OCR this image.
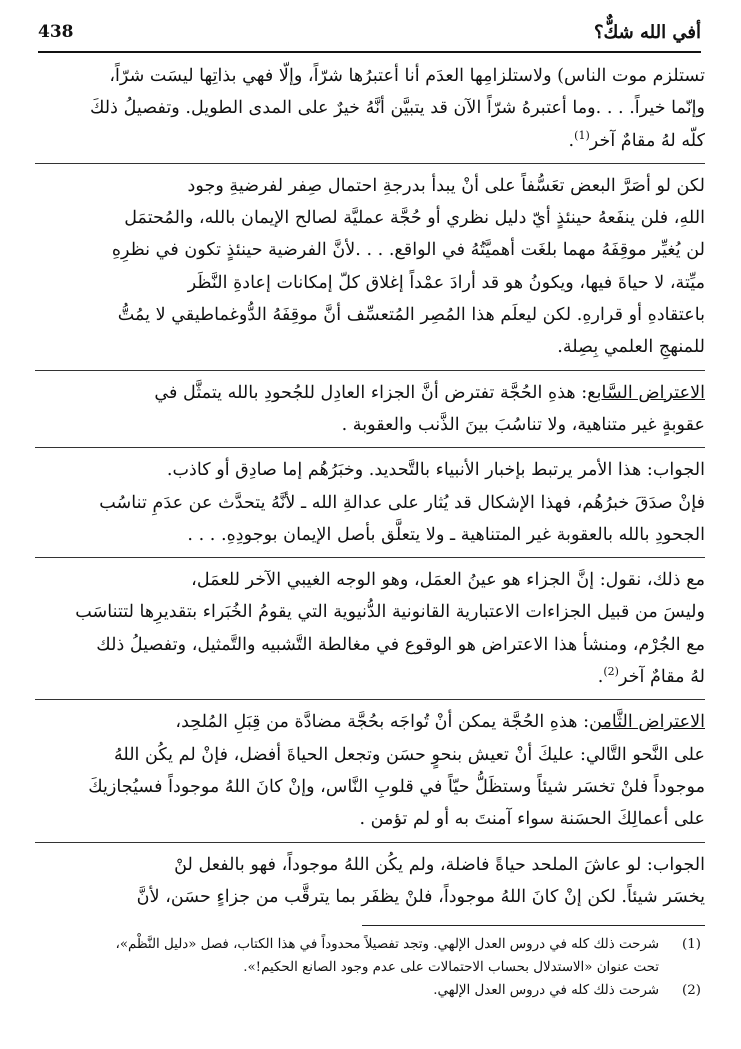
أفي الله شكٌّ؟
438

تستلزم موت الناس) ولاستلزامِها العدَم أنا أعتبرُها شرّاً، وإلّا فهي بذاتِها ليسَت شرّاً،

وإنّما خيراً. . . .وما أعتبرهُ شرّاً الآن قد يتبيَّن أنَّهُ خيرٌ على المدى الطويل. وتفصيلُ ذلكَ

كلّه لهُ مقامٌ آخر$^{(1)}$.

لكن لو أصَرَّ البعض تعَسُّفاً على أنْ يبدأ بدرجةِ احتمال صِفر لفرضيةِ وجود

اللهِ، فلن ينفَعهُ حينئذٍ أيّ دليل نظري أو حُجَّة عمليَّة لصالح الإيمان بالله، والمُحتمَل

لن يُغيِّر موقِفَهُ مهما بلغَت أهميَّتُهُ في الواقع. . . .لأنَّ الفرضية حينئذٍ تكون في نظرِهِ

ميِّتة، لا حياةَ فيها، ويكونُ هو قد أرادَ عمْداً إغلاق كلّ إمكانات إعادةِ النَّظَر

باعتقادهِ أو قرارهِ. لكن ليعلَم هذا المُصِر المُتعسِّف أنَّ موقِفَهُ الدُّوغماطيقي لا يمُتُّ

للمنهجِ العلمي بِصِلة.

الاعتراض السَّابع: هذهِ الحُجَّة تفترض أنَّ الجزاء العادِل للجُحودِ بالله يتمثَّل في

عقوبةٍ غير متناهية، ولا تناسُبَ بينَ الذَّنب والعقوبة .

الجواب: هذا الأمر يرتبط بإخبار الأنبياء بالتَّحديد. وخبَرُهُم إما صادِق أو كاذب.

فإنْ صدَقَ خبرُهُم، فهذا الإشكال قد يُثار على عدالةِ الله ـ لأنَّهُ يتحدَّث عن عدَمِ تناسُب

الجحودِ بالله بالعقوبة غير المتناهية ـ ولا يتعلَّق بأصل الإيمان بوجودِهِ. . . .

مع ذلك، نقول: إنَّ الجزاء هو عينُ العمَل، وهو الوجه الغيبي الآخر للعمَل،

وليسَ من قبيل الجزاءات الاعتبارية القانونية الدُّنيوية التي يقومُ الخُبَراء بتقديرِها لتتناسَب

مع الجُرْم، ومنشأ هذا الاعتراض هو الوقوع في مغالطة التَّشبيه والتَّمثيل، وتفصيلُ ذلك

لهُ مقامٌ آخر$^{(2)}$.

الاعتراض الثَّامن: هذهِ الحُجَّة يمكن أنْ تُواجَه بحُجَّة مضادَّة من قِبَلِ المُلحِد،

على النَّحو التَّالي: عليكَ أنْ تعيش بنحوٍ حسَن وتجعل الحياةَ أفضل، فإنْ لم يكُن اللهُ

موجوداً فلنْ تخسَر شيئاً وستظَلُّ حيّاً في قلوبِ النَّاس، وإنْ كانَ اللهُ موجوداً فسيُجازيكَ

على أعمالِكَ الحسَنة سواء آمنتَ به أو لم تؤمن .

الجواب: لو عاشَ الملحد حياةً فاضلة، ولم يكُن اللهُ موجوداً، فهو بالفعل لنْ

يخسَر شيئاً. لكن إنْ كانَ اللهُ موجوداً، فلنْ يظفَر بما يترقَّب من جزاءٍ حسَن، لأنَّ

(1)
شرحت ذلك كله في دروس العدل الإلهي. وتجد تفصيلاً محدوداً في هذا الكتاب، فصل «دليل النَّظْم»،
تحت عنوان «الاستدلال بحساب الاحتمالات على عدم وجود الصانع الحكيم!».
(2)
شرحت ذلك كله في دروس العدل الإلهي.
